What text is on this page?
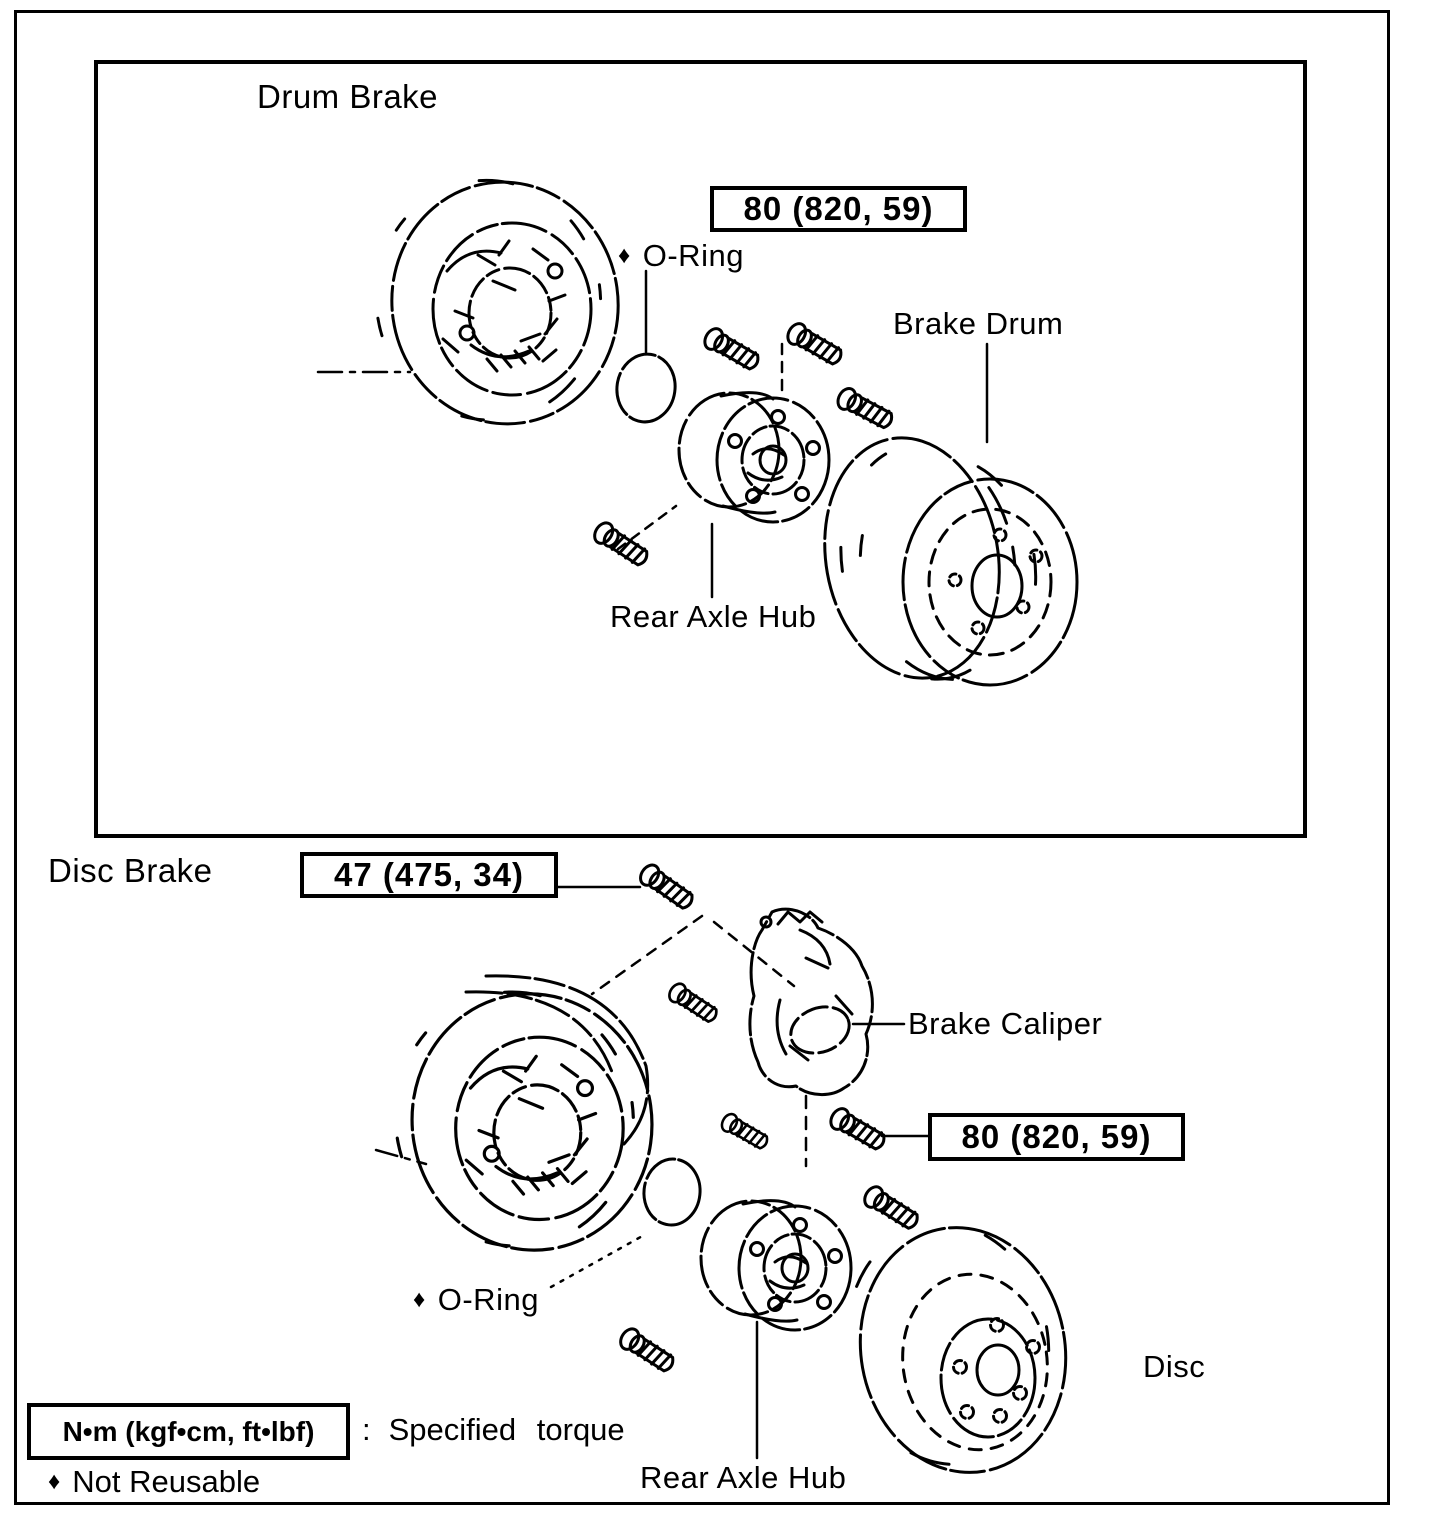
Drum Brake
80 (820, 59)
♦ O-Ring
Brake Drum
Rear Axle Hub
Disc Brake	47 (475, 34)
Brake Caliper
80 (820, 59)
♦ O-Ring
Disc
Rear Axle Hub
N•m (kgf•cm, ft•lbf) : Specified torque
♦ Not Reusable
